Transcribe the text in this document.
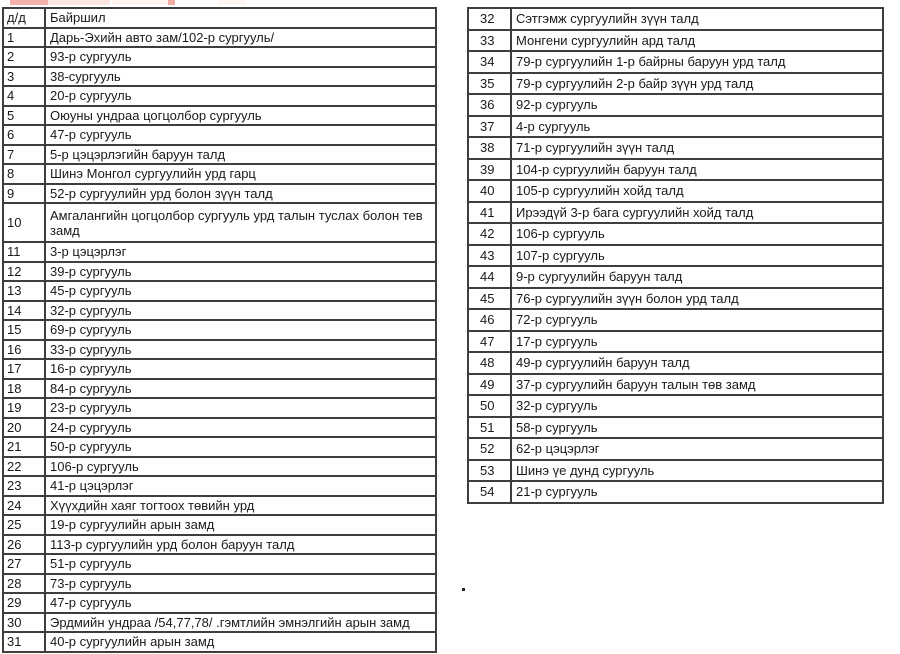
д/д	Байршил
1	Дарь-Эхийн авто зам/102-р сургууль/
2	93-р сургууль
3	38-сургууль
4	20-р сургууль
5	Оюуны ундраа цогцолбор сургууль
6	47-р сургууль
7	5-р цэцэрлэгийн баруун талд
8	Шинэ Монгол сургуулийн урд гарц
9	52-р сургуулийн урд болон зүүн талд
10	Амгалангийн цогцолбор сургууль урд талын туслах болон тев замд
11	3-р цэцэрлэг
12	39-р сургууль
13	45-р сургууль
14	32-р сургууль
15	69-р сургууль
16	33-р сургууль
17	16-р сургууль
18	84-р сургууль
19	23-р сургууль
20	24-р сургууль
21	50-р сургууль
22	106-р сургууль
23	41-р цэцэрлэг
24	Хүүхдийн хаяг тогтоох төвийн урд
25	19-р сургуулийн арын замд
26	113-р сургуулийн урд болон баруун талд
27	51-р сургууль
28	73-р сургууль
29	47-р сургууль
30	Эрдмийн ундраа /54,77,78/ .гэмтлийн эмнэлгийн арын замд
31	40-р сургуулийн арын замд
32	Сэтгэмж сургуулийн зүүн талд
33	Монгени сургуулийн ард талд
34	79-р сургуулийн 1-р байрны баруун урд талд
35	79-р сургуулийн 2-р байр зүүн урд талд
36	92-р сургууль
37	4-р сургууль
38	71-р сургуулийн зүүн талд
39	104-р сургуулийн баруун талд
40	105-р сургуулийн хойд талд
41	Ирээдүй 3-р бага сургуулийн хойд талд
42	106-р сургууль
43	107-р сургууль
44	9-р сургуулийн баруун талд
45	76-р сургуулийн зүүн болон урд талд
46	72-р сургууль
47	17-р сургууль
48	49-р сургуулийн баруун талд
49	37-р сургуулийн баруун талын төв замд
50	32-р сургууль
51	58-р сургууль
52	62-р цэцэрлэг
53	Шинэ үе дунд сургууль
54	21-р сургууль
